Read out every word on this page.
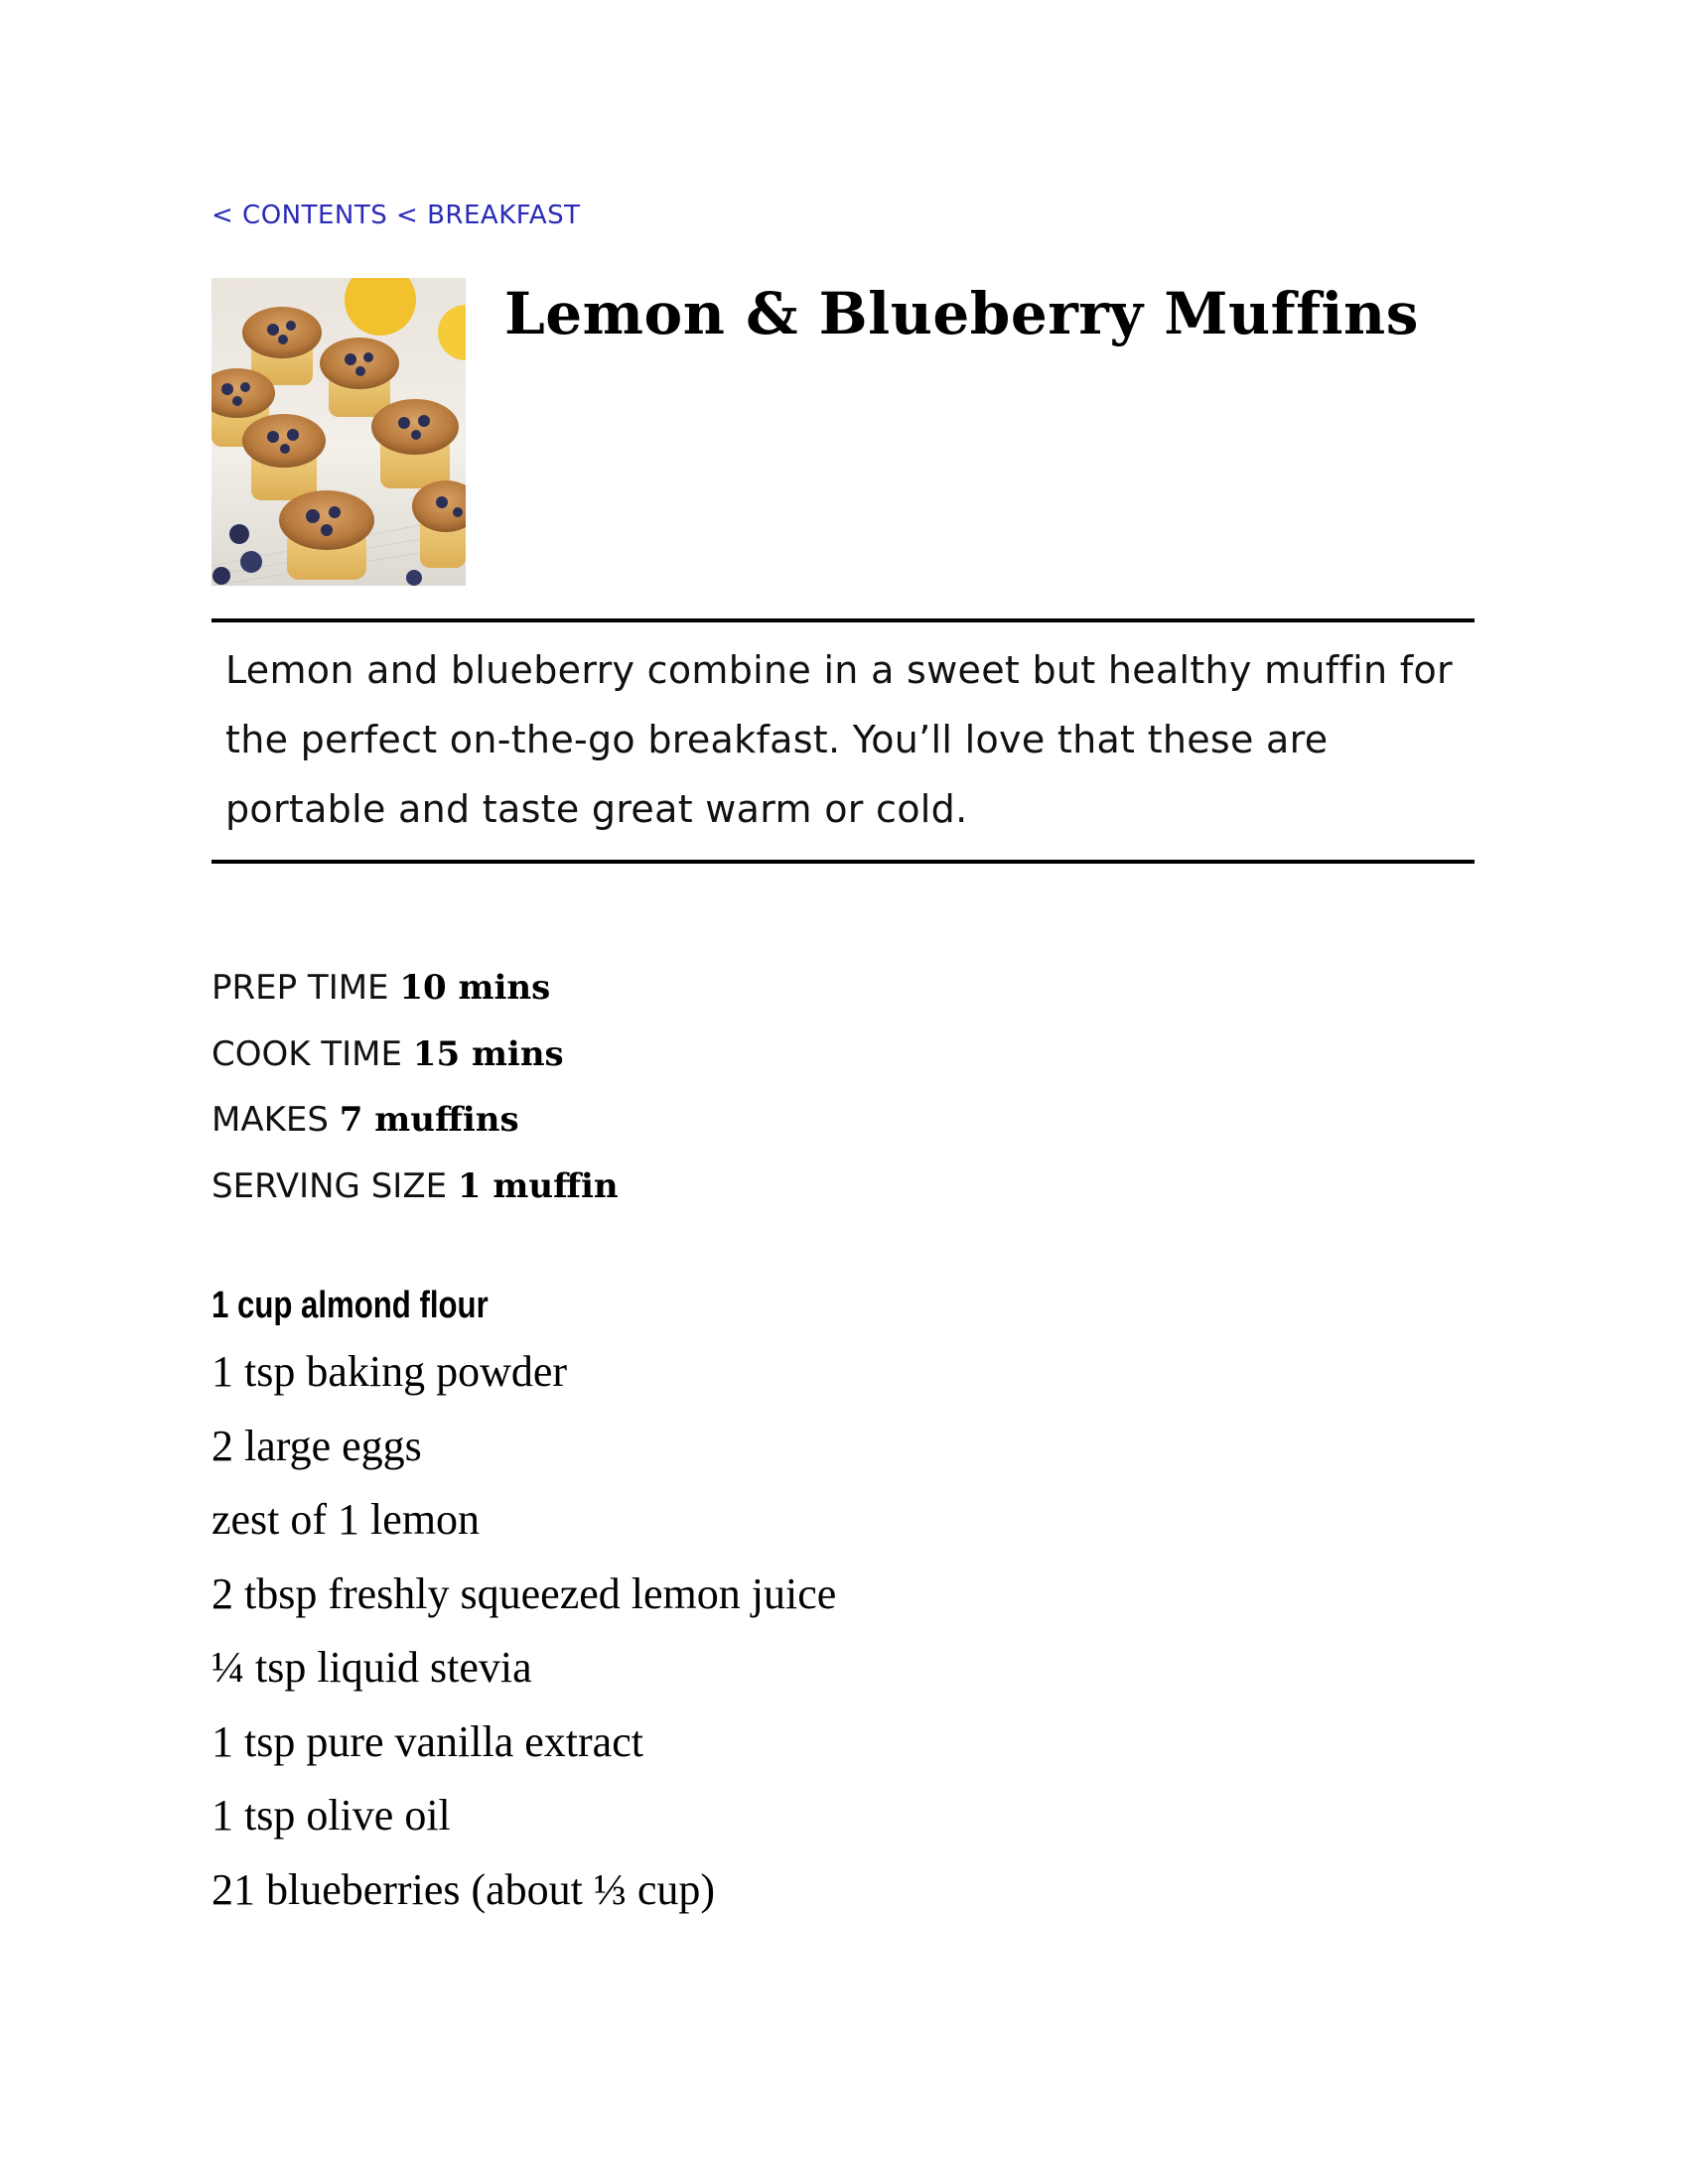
< CONTENTS < BREAKFAST
Lemon & Blueberry Muffins

Lemon and blueberry combine in a sweet but healthy muffin for the perfect on-the-go breakfast. You’ll love that these are portable and taste great warm or cold.

PREP TIME 10 mins
COOK TIME 15 mins
MAKES 7 muffins
SERVING SIZE 1 muffin
1 cup almond flour
1 tsp baking powder
2 large eggs
zest of 1 lemon
2 tbsp freshly squeezed lemon juice
¼ tsp liquid stevia
1 tsp pure vanilla extract
1 tsp olive oil
21 blueberries (about ⅓ cup)
